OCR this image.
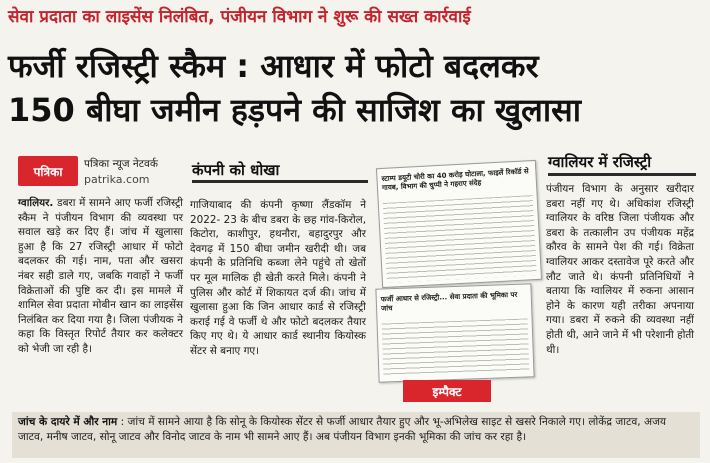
सेवा प्रदाता का लाइसेंस निलंबित, पंजीयन विभाग ने शुरू की सख्त कार्रवाई
फर्जी रजिस्ट्री स्कैम : आधार में फोटो बदलकर
150 बीघा जमीन हड़पने की साजिश का खुलासा
पत्रिका
पत्रिका न्यूज नेटवर्क
patrika.com
ग्वालियर. डबरा में सामने आए फर्जी रजिस्ट्री स्कैम ने पंजीयन विभाग की व्यवस्था पर सवाल खड़े कर दिए हैं। जांच में खुलासा हुआ है कि 27 रजिस्ट्री आधार में फोटो बदलकर की गई। नाम, पता और खसरा नंबर सही डाले गए, जबकि गवाहों ने फर्जी विक्रेताओं की पुष्टि कर दी। इस मामले में शामिल सेवा प्रदाता मोबीन खान का लाइसेंस निलंबित कर दिया गया है। जिला पंजीयक ने कहा कि विस्तृत रिपोर्ट तैयार कर कलेक्टर को भेजी जा रही है।
कंपनी को धोखा
गाजियाबाद की कंपनी कृष्णा लैंडकॉम ने 2022- 23 के बीच डबरा के छह गांव-किरोल, किटोरा, काशीपुर, हथनौरा, बहादुरपुर और देवगढ़ में 150 बीघा जमीन खरीदी थी। जब कंपनी के प्रतिनिधि कब्जा लेने पहुंचे तो खेतों पर मूल मालिक ही खेती करते मिले। कंपनी ने पुलिस और कोर्ट में शिकायत दर्ज की। जांच में खुलासा हुआ कि जिन आधार कार्ड से रजिस्ट्री कराई गई वे फर्जी थे और फोटो बदलकर तैयार किए गए थे। ये आधार कार्ड स्थानीय कियोस्क सेंटर से बनाए गए।
स्टाम्प डयूटी चोरी का 40 करोड़ घोटाला, फाइलें रिकॉर्ड से गायब, विभाग की चुप्पी ने गहराए संदेह
फर्जी आधार से रजिस्ट्री... सेवा प्रदाता की भूमिका पर जांच
इम्पैक्ट
ग्वालियर में रजिस्ट्री
पंजीयन विभाग के अनुसार खरीदार डबरा नहीं गए थे। अधिकांश रजिस्ट्री ग्वालियर के वरिष्ठ जिला पंजीयक और डबरा के तत्कालीन उप पंजीयक महेंद्र कौरव के सामने पेश की गई। विक्रेता ग्वालियर आकर दस्तावेज पूरे करते और लौट जाते थे। कंपनी प्रतिनिधियों ने बताया कि ग्वालियर में रुकना आसान होने के कारण यही तरीका अपनाया गया। डबरा में रुकने की व्यवस्था नहीं होती थी, आने जाने में भी परेशानी होती थी।
जांच के दायरे में और नाम : जांच में सामने आया है कि सोनू के कियोस्क सेंटर से फर्जी आधार तैयार हुए और भू-अभिलेख साइट से खसरे निकाले गए। लोकेंद्र जाटव, अजय जाटव, मनीष जाटव, सोनू जाटव और विनोद जाटव के नाम भी सामने आए हैं। अब पंजीयन विभाग इनकी भूमिका की जांच कर रहा है।
